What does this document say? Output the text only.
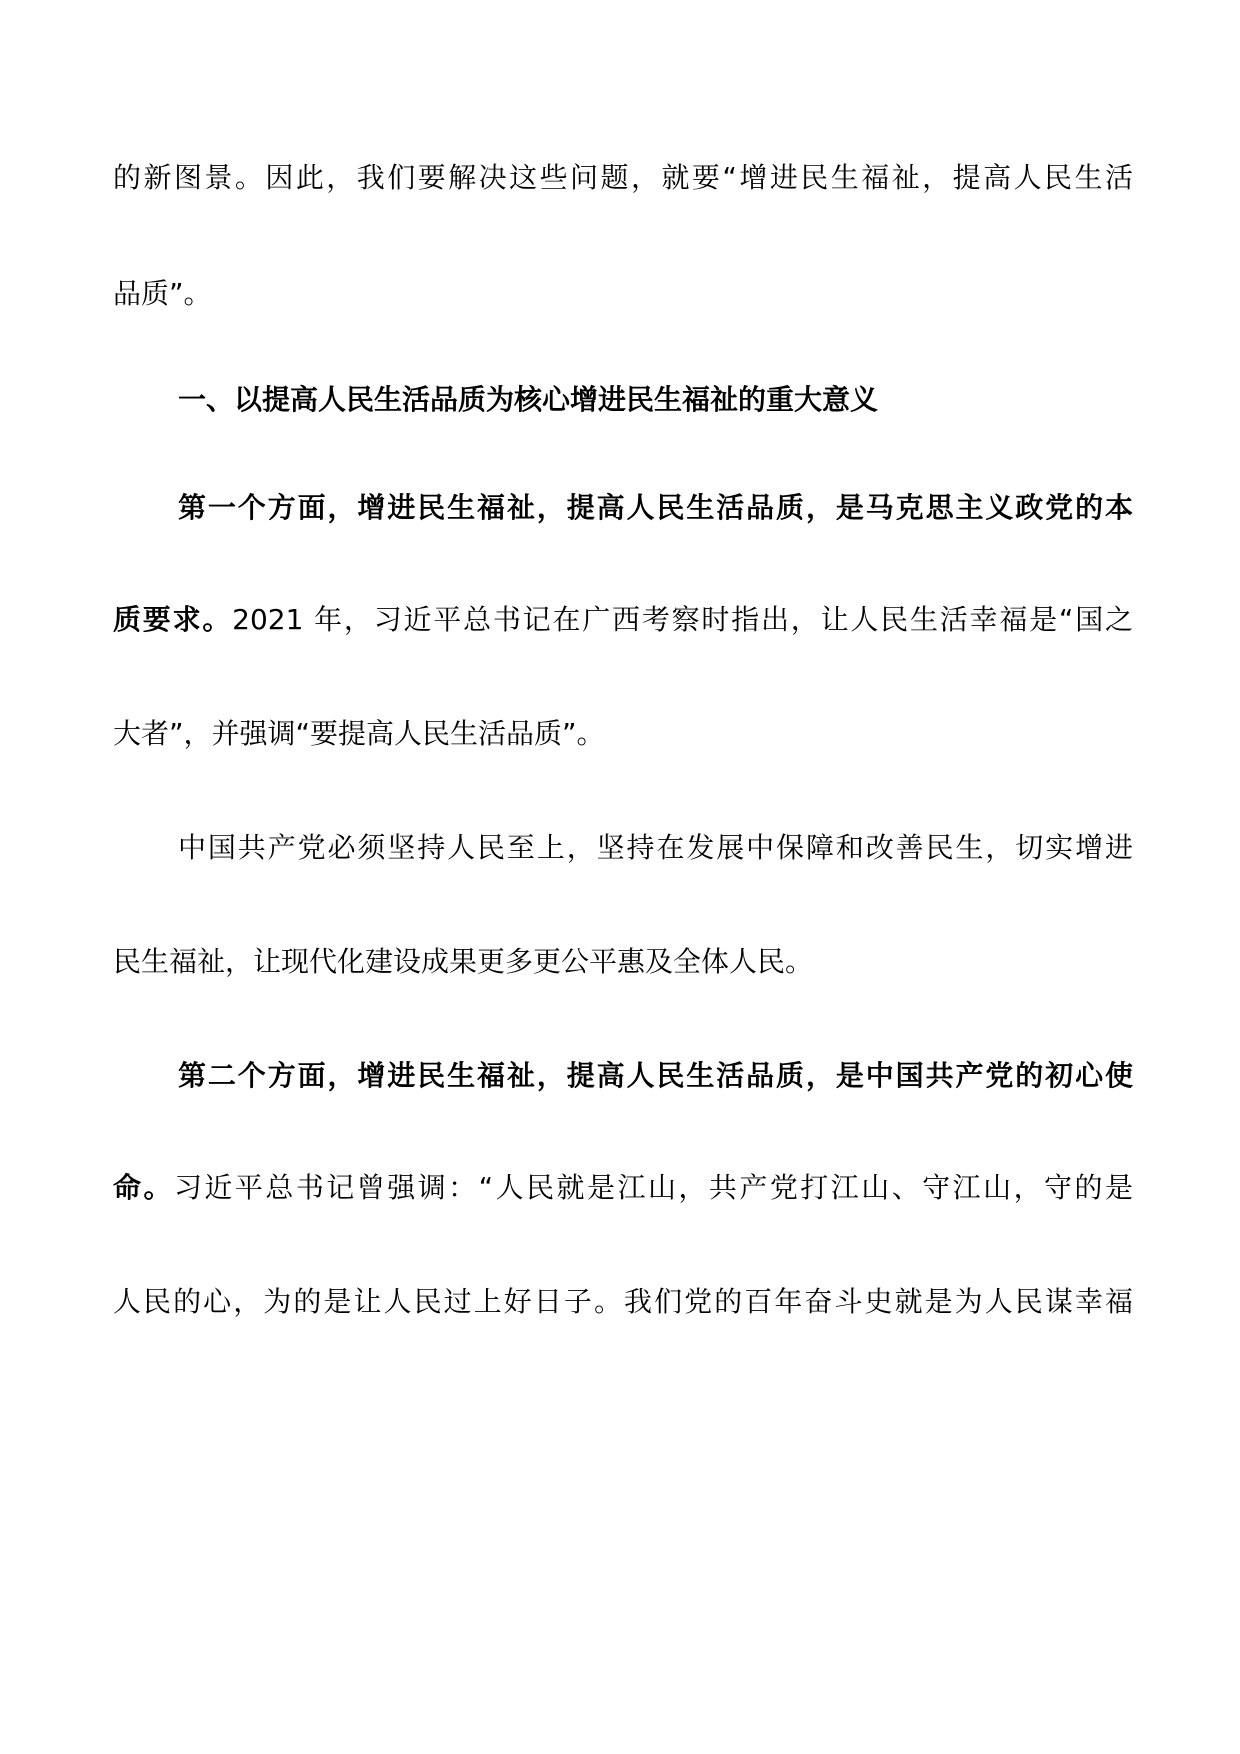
的新图景。因此，我们要解决这些问题，就要“增进民生福祉，提高人民生活
品质”。
一、以提高人民生活品质为核心增进民生福祉的重大意义
第一个方面，增进民生福祉，提高人民生活品质，是马克思主义政党的本
质要求。2021 年，习近平总书记在广西考察时指出，让人民生活幸福是“国之
大者”，并强调“要提高人民生活品质”。
中国共产党必须坚持人民至上，坚持在发展中保障和改善民生，切实增进
民生福祉，让现代化建设成果更多更公平惠及全体人民。
第二个方面，增进民生福祉，提高人民生活品质，是中国共产党的初心使
命。习近平总书记曾强调：“人民就是江山，共产党打江山、守江山，守的是
人民的心，为的是让人民过上好日子。我们党的百年奋斗史就是为人民谋幸福
